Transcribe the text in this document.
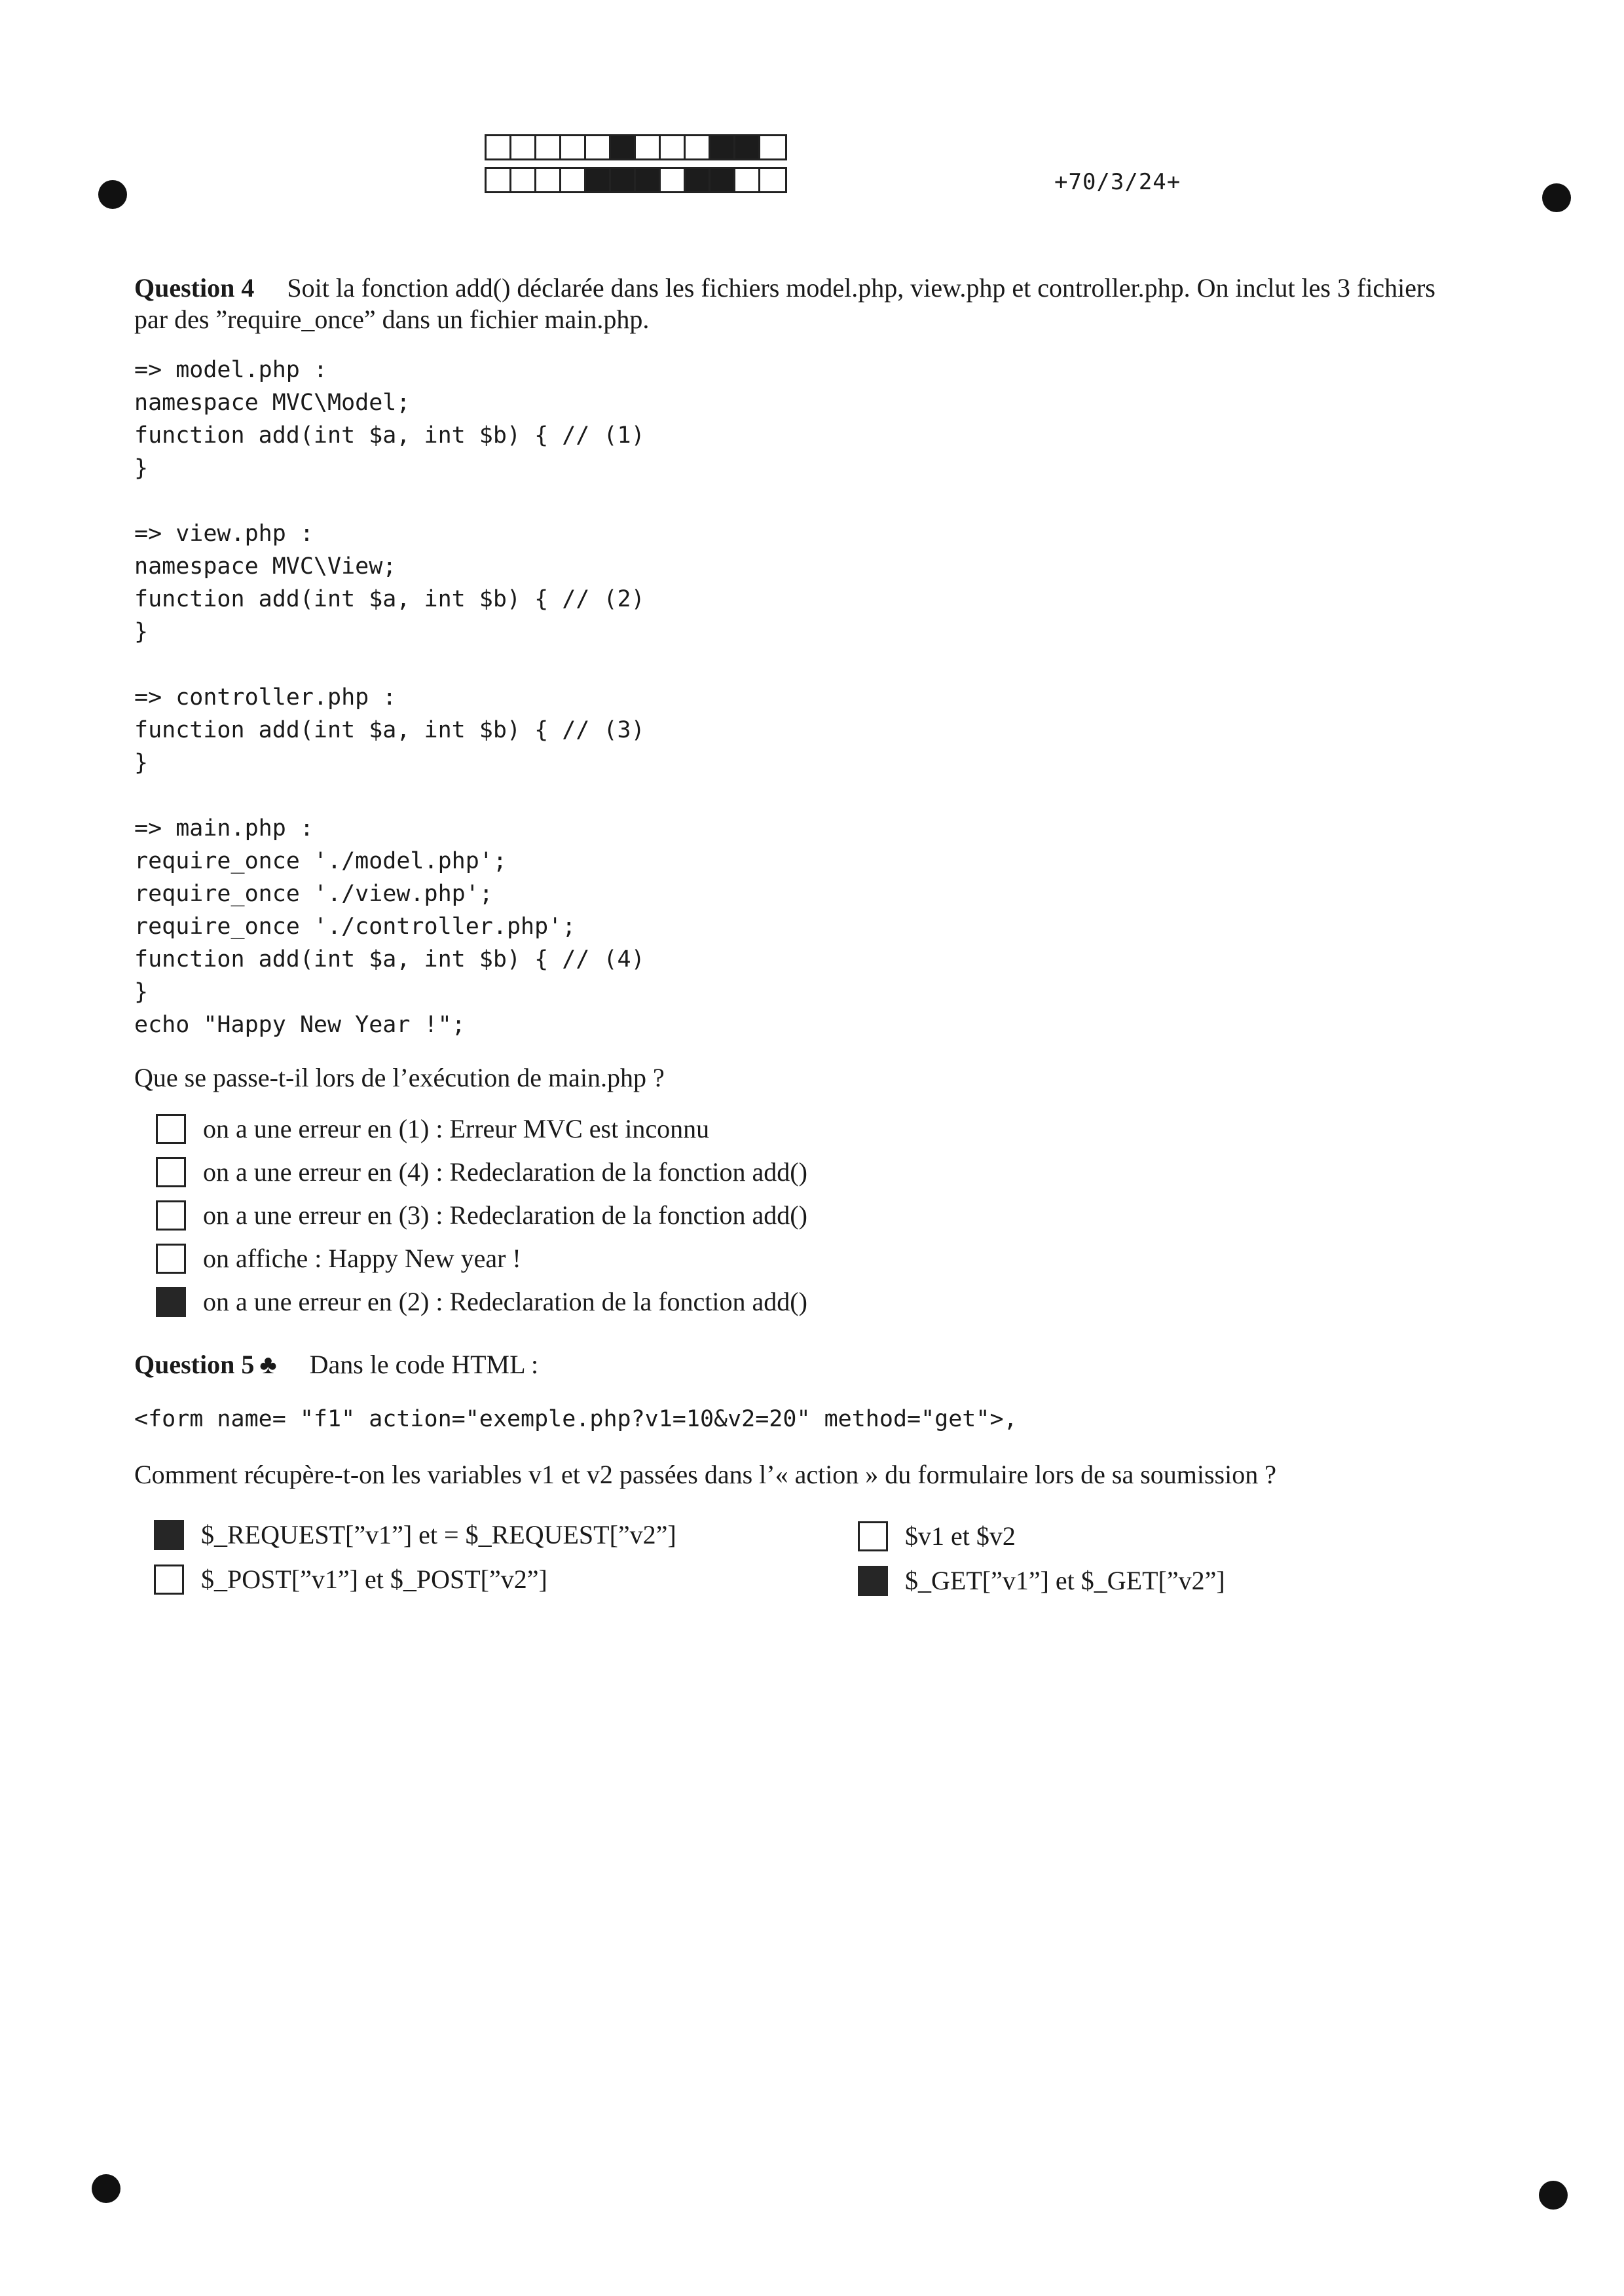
+70/3/24+
Question 4 Soit la fonction add() déclarée dans les fichiers model.php, view.php et controller.php. On inclut les 3 fichiers
par des ”require_once” dans un fichier main.php.
=> model.php :
namespace MVC\Model;
function add(int $a, int $b) { // (1)
}

=> view.php :
namespace MVC\View;
function add(int $a, int $b) { // (2)
}

=> controller.php :
function add(int $a, int $b) { // (3)
}

=> main.php :
require_once './model.php';
require_once './view.php';
require_once './controller.php';
function add(int $a, int $b) { // (4)
}
echo "Happy New Year !";
Que se passe-t-il lors de l’exécution de main.php ?
on a une erreur en (1) : Erreur MVC est inconnu
on a une erreur en (4) : Redeclaration de la fonction add()
on a une erreur en (3) : Redeclaration de la fonction add()
on affiche : Happy New year !
on a une erreur en (2) : Redeclaration de la fonction add()
Question 5 ♣ Dans le code HTML :
<form name= "f1" action="exemple.php?v1=10&v2=20" method="get">,
Comment récupère-t-on les variables v1 et v2 passées dans l’« action » du formulaire lors de sa soumission ?
$_REQUEST[”v1”] et = $_REQUEST[”v2”]	$v1 et $v2
$_POST[”v1”] et $_POST[”v2”]	$_GET[”v1”] et $_GET[”v2”]
